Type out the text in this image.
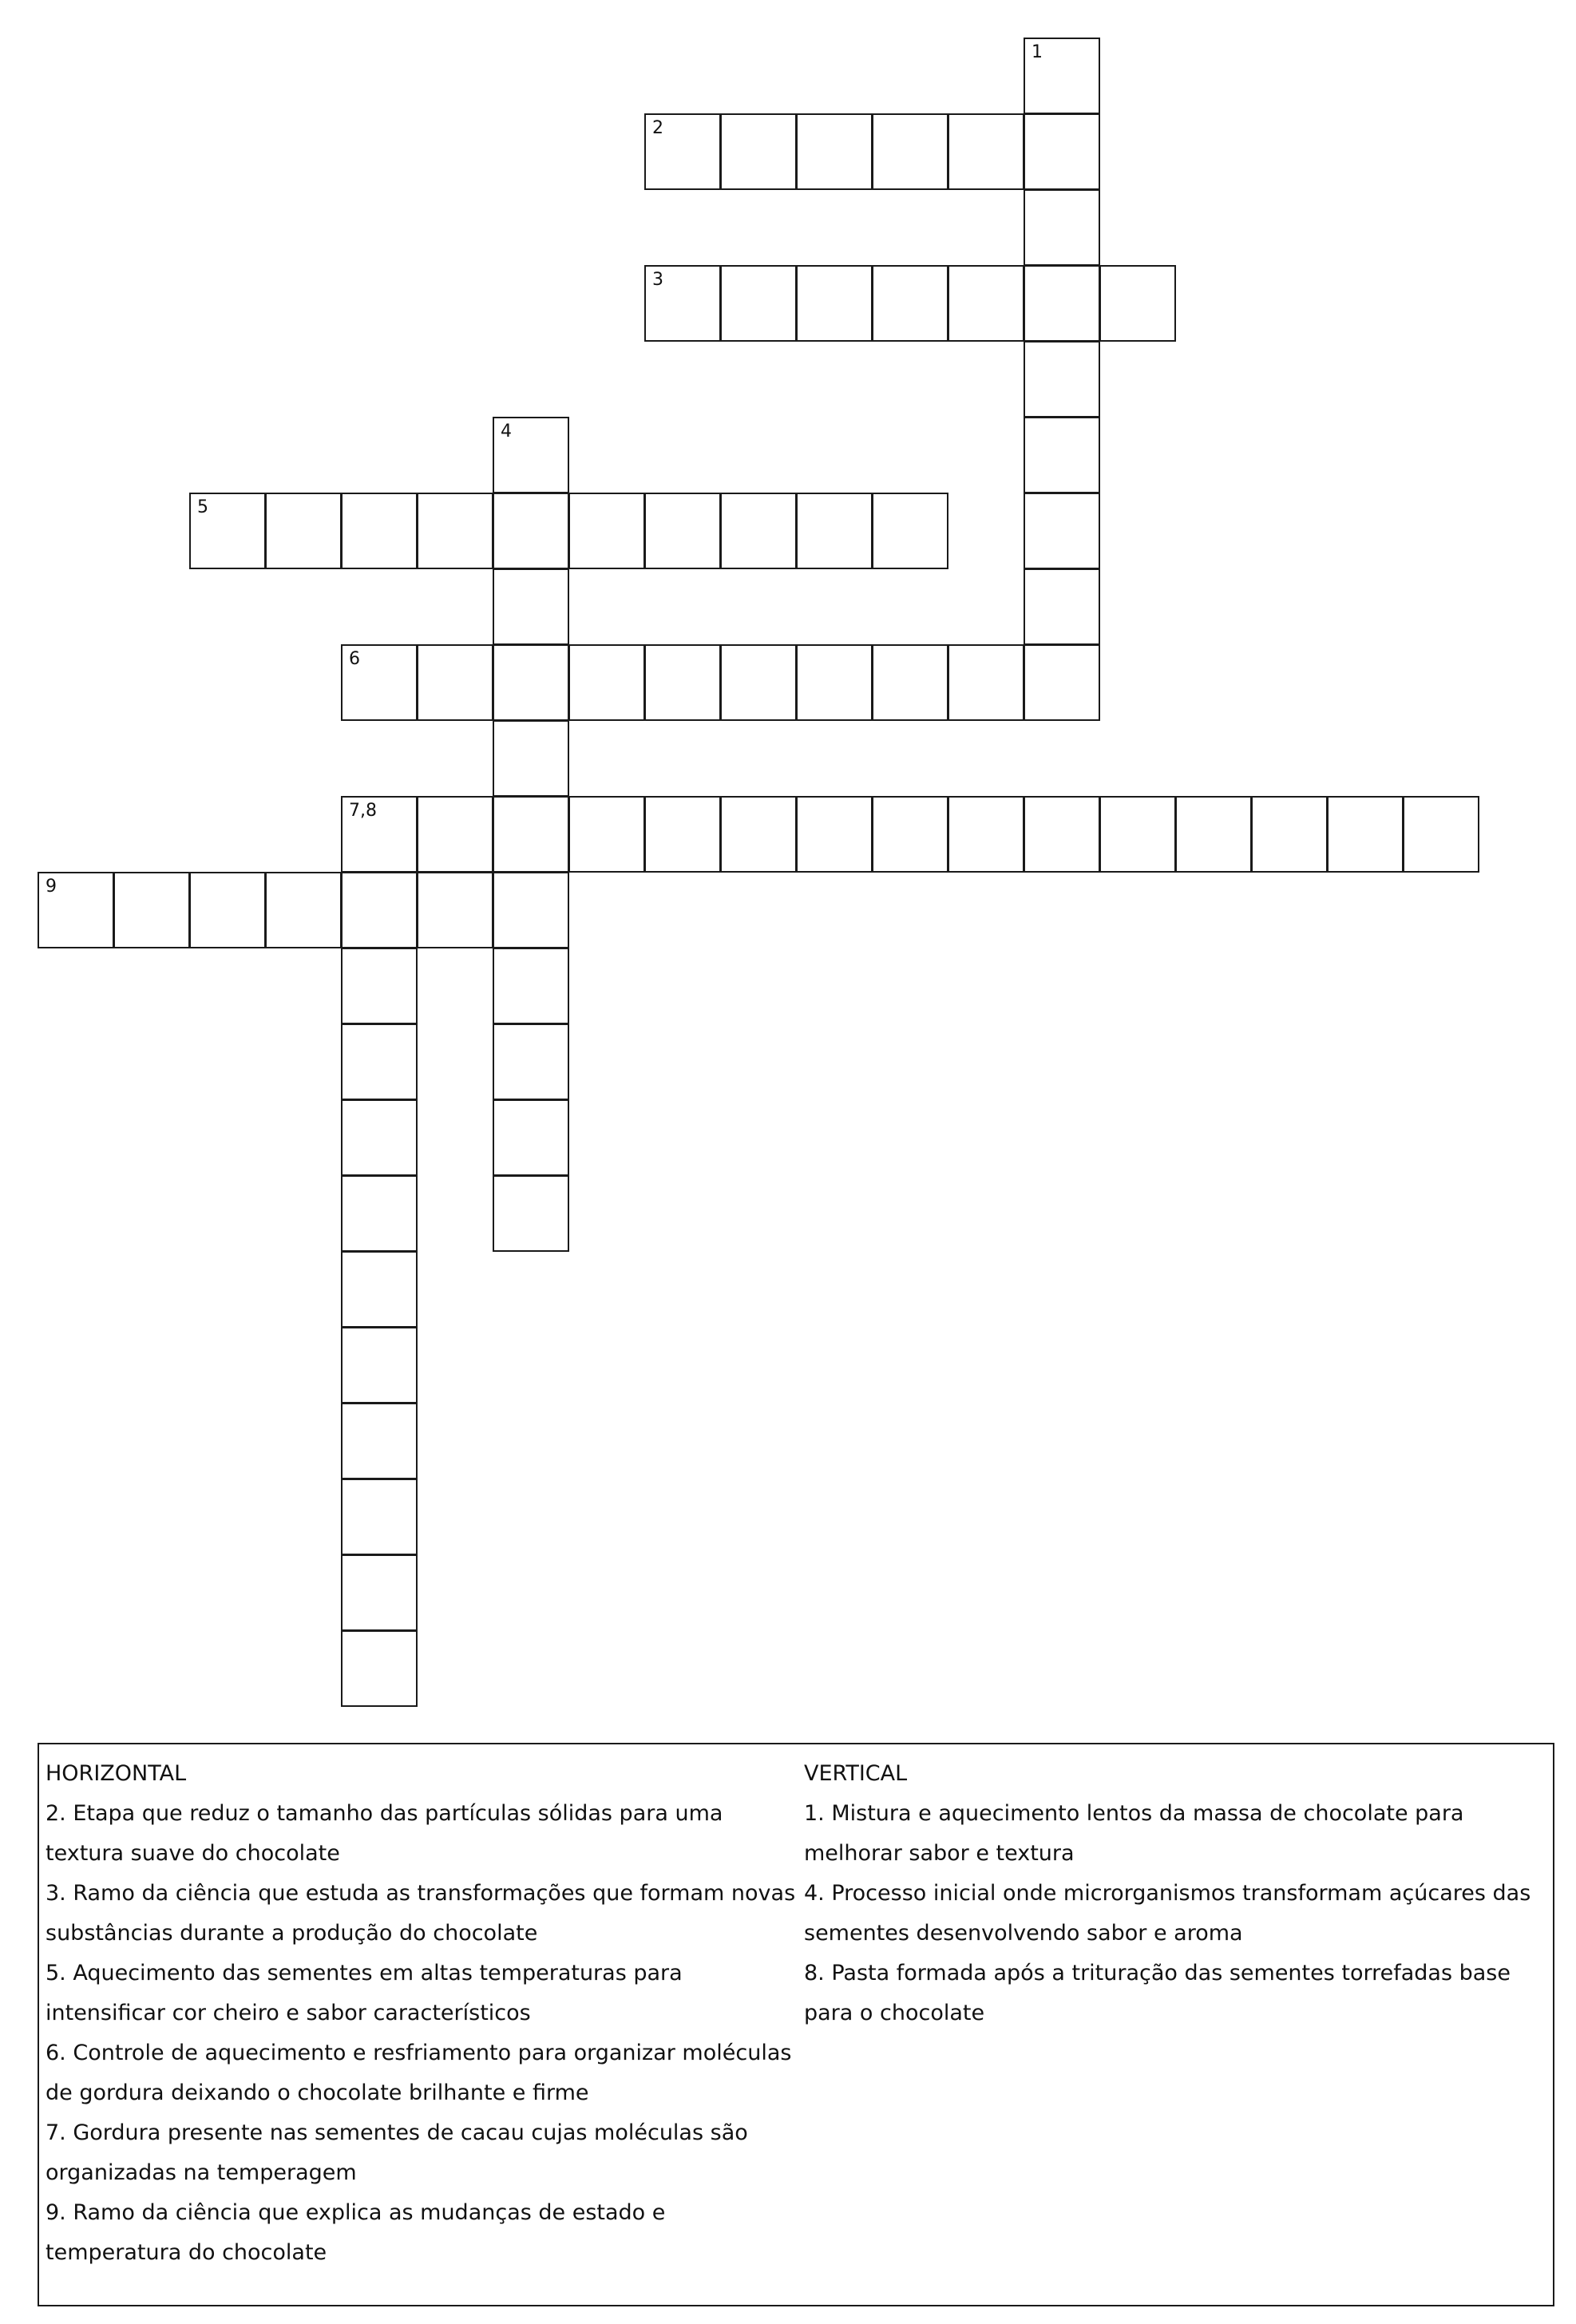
1
2
3
4
5
6
7,8
9
HORIZONTAL
2. Etapa que reduz o tamanho das partículas sólidas para uma
textura suave do chocolate
3. Ramo da ciência que estuda as transformações que formam novas
substâncias durante a produção do chocolate
5. Aquecimento das sementes em altas temperaturas para
intensificar cor cheiro e sabor característicos
6. Controle de aquecimento e resfriamento para organizar moléculas
de gordura deixando o chocolate brilhante e firme
7. Gordura presente nas sementes de cacau cujas moléculas são
organizadas na temperagem
9. Ramo da ciência que explica as mudanças de estado e
temperatura do chocolate
VERTICAL
1. Mistura e aquecimento lentos da massa de chocolate para
melhorar sabor e textura
4. Processo inicial onde microrganismos transformam açúcares das
sementes desenvolvendo sabor e aroma
8. Pasta formada após a trituração das sementes torrefadas base
para o chocolate
